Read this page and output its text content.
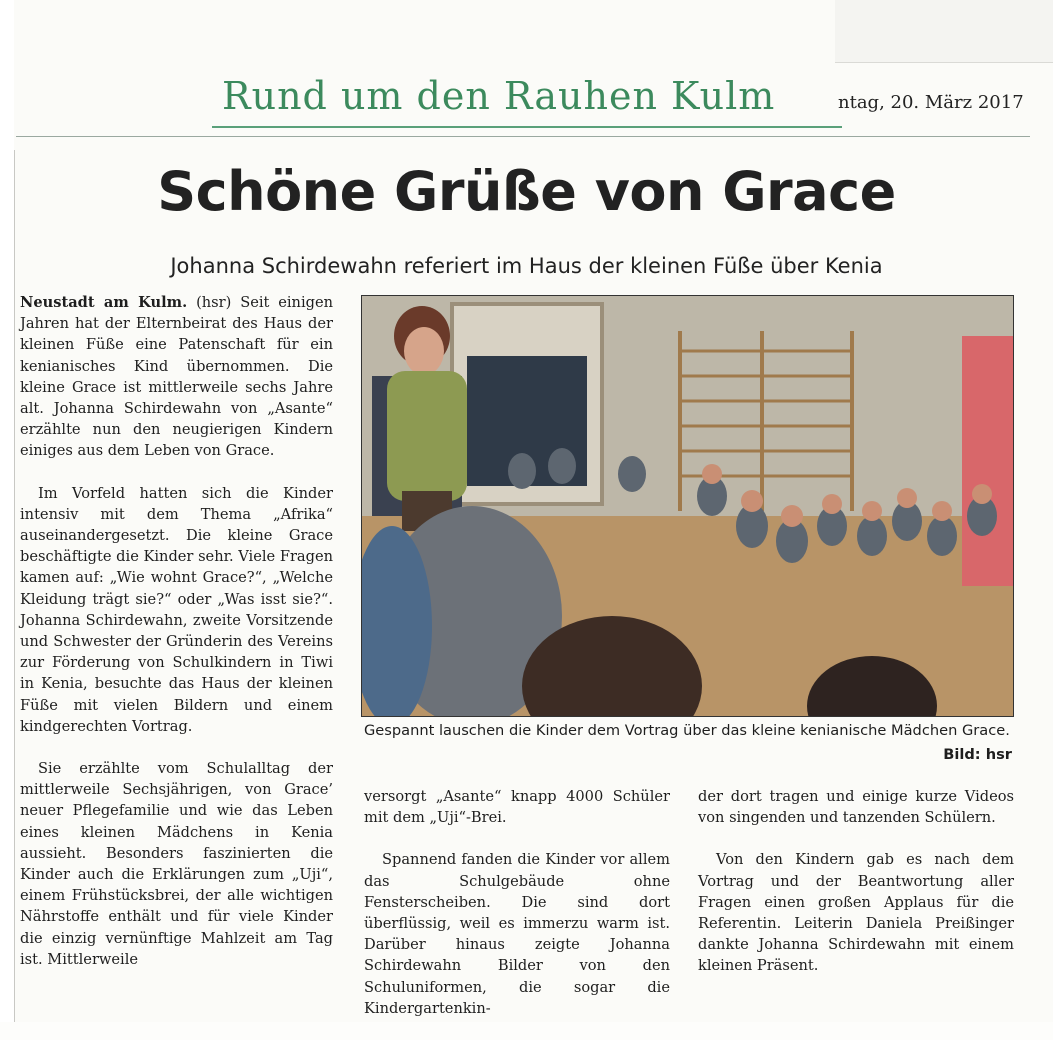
Rund um den Rauhen Kulm	ntag, 20. März 2017
Schöne Grüße von Grace
Johanna Schirdewahn referiert im Haus der kleinen Füße über Kenia

Neustadt am Kulm. (hsr) Seit einigen Jahren hat der Elternbeirat des Haus der kleinen Füße eine Patenschaft für ein kenianisches Kind übernommen. Die kleine Grace ist mittlerweile sechs Jahre alt. Johanna Schirdewahn von „Asante“ erzählte nun den neugierigen Kindern einiges aus dem Leben von Grace.

Im Vorfeld hatten sich die Kinder intensiv mit dem Thema „Afrika“ auseinandergesetzt. Die kleine Grace beschäftigte die Kinder sehr. Viele Fragen kamen auf: „Wie wohnt Grace?“, „Welche Kleidung trägt sie?“ oder „Was isst sie?“. Johanna Schirdewahn, zweite Vorsitzende und Schwester der Gründerin des Vereins zur Förderung von Schulkindern in Tiwi in Kenia, besuchte das Haus der kleinen Füße mit vielen Bildern und einem kindgerechten Vortrag.

Sie erzählte vom Schulalltag der mittlerweile Sechsjährigen, von Grace’ neuer Pflegefamilie und wie das Leben eines kleinen Mädchens in Kenia aussieht. Besonders faszinierten die Kinder auch die Erklärungen zum „Uji“, einem Frühstücksbrei, der alle wichtigen Nährstoffe enthält und für viele Kinder die einzig vernünftige Mahlzeit am Tag ist. Mittlerweile

Gespannt lauschen die Kinder dem Vortrag über das kleine kenianische Mädchen Grace.
Bild: hsr

versorgt „Asante“ knapp 4000 Schüler mit dem „Uji“-Brei.

Spannend fanden die Kinder vor allem das Schulgebäude ohne Fensterscheiben. Die sind dort überflüssig, weil es immerzu warm ist. Darüber hinaus zeigte Johanna Schirdewahn Bilder von den Schuluniformen, die sogar die Kindergartenkin-

der dort tragen und einige kurze Videos von singenden und tanzenden Schülern.

Von den Kindern gab es nach dem Vortrag und der Beantwortung aller Fragen einen großen Applaus für die Referentin. Leiterin Daniela Preißinger dankte Johanna Schirdewahn mit einem kleinen Präsent.
